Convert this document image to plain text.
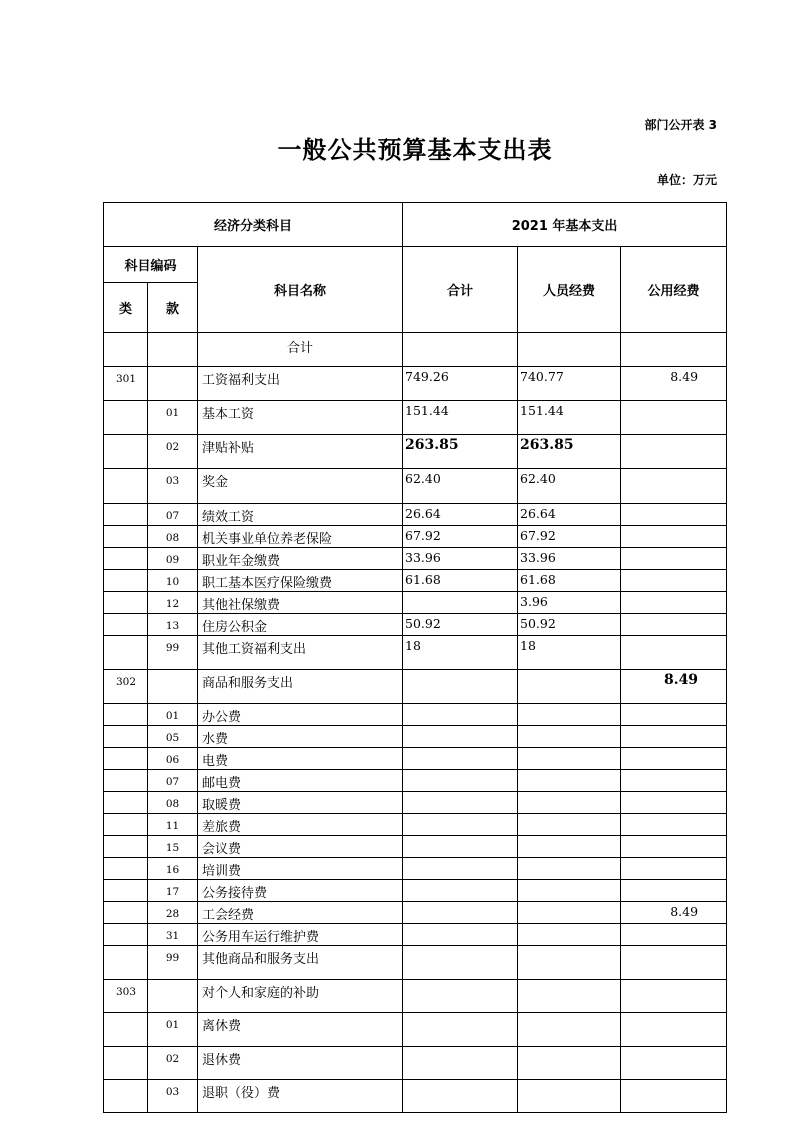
部门公开表 3
一般公共预算基本支出表
单位：万元
经济分类科目			2021 年基本支出		
科目编码		科目名称	合计	人员经费	公用经费
类	款				
		合计			
301		工资福利支出	749.26	740.77	8.49
	01	基本工资	151.44	151.44	
	02	津贴补贴	263.85	263.85	
	03	奖金	62.40	62.40	
	07	绩效工资	26.64	26.64	
	08	机关事业单位养老保险	67.92	67.92	
	09	职业年金缴费	33.96	33.96	
	10	职工基本医疗保险缴费	61.68	61.68	
	12	其他社保缴费		3.96	
	13	住房公积金	50.92	50.92	
	99	其他工资福利支出	18	18	
302		商品和服务支出			8.49
	01	办公费			
	05	水费			
	06	电费			
	07	邮电费			
	08	取暖费			
	11	差旅费			
	15	会议费			
	16	培训费			
	17	公务接待费			
	28	工会经费			8.49
	31	公务用车运行维护费			
	99	其他商品和服务支出			
303		对个人和家庭的补助			
	01	离休费			
	02	退休费			
	03	退职（役）费			
